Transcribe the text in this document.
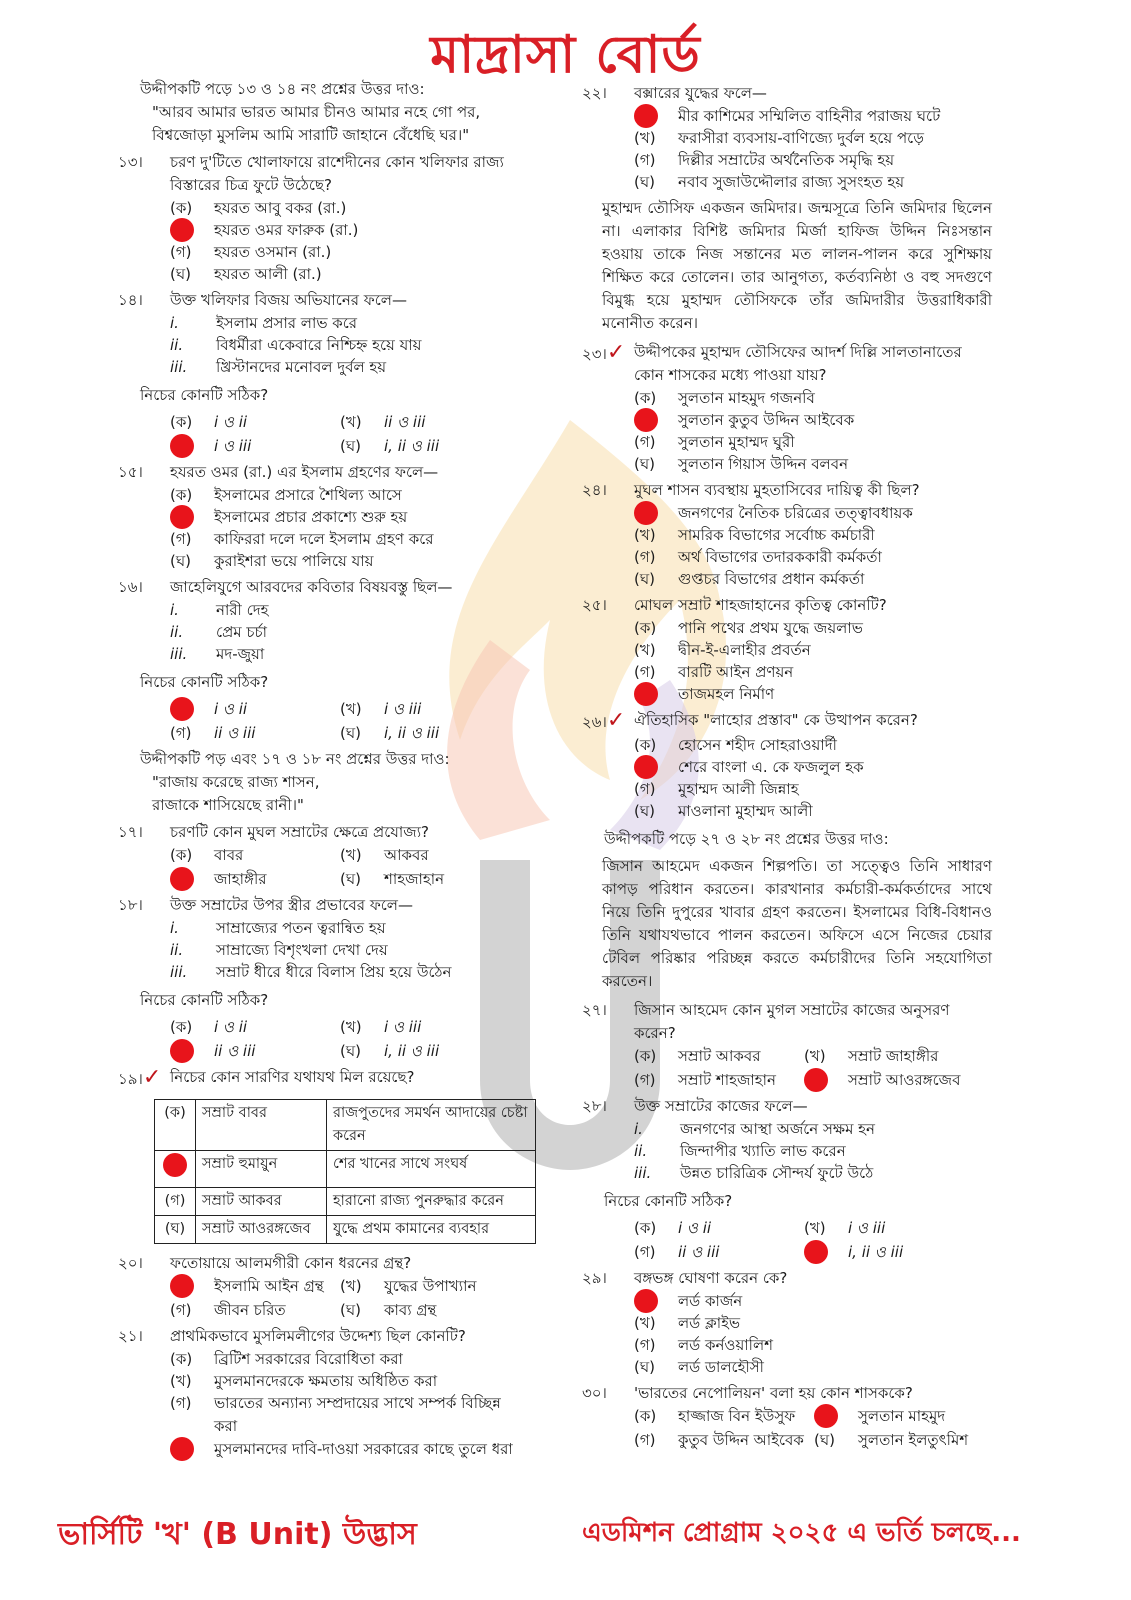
মাদ্রাসা বোর্ড
উদ্দীপকটি পড়ে ১৩ ও ১৪ নং প্রশ্নের উত্তর দাও:
"আরব আমার ভারত আমার চীনও আমার নহে গো পর,
বিশ্বজোড়া মুসলিম আমি সারাটি জাহানে বেঁধেছি ঘর।"
১৩।	চরণ দু'টিতে খোলাফায়ে রাশেদীনের কোন খলিফার রাজ্য বিস্তারের চিত্র ফুটে উঠেছে?
(ক)	হযরত আবু বকর (রা.)
হযরত ওমর ফারুক (রা.)
(গ)	হযরত ওসমান (রা.)
(ঘ)	হযরত আলী (রা.)
১৪।	উক্ত খলিফার বিজয় অভিযানের ফলে—
i.	ইসলাম প্রসার লাভ করে
ii.	বিধর্মীরা একেবারে নিশ্চিহ্ন হয়ে যায়
iii.	খ্রিস্টানদের মনোবল দুর্বল হয়
নিচের কোনটি সঠিক?
(ক)	i ও ii	(খ)	ii ও iii
i ও iii	(ঘ)	i, ii ও iii
১৫।	হযরত ওমর (রা.) এর ইসলাম গ্রহণের ফলে—
(ক)	ইসলামের প্রসারে শৈথিল্য আসে
ইসলামের প্রচার প্রকাশ্যে শুরু হয়
(গ)	কাফিররা দলে দলে ইসলাম গ্রহণ করে
(ঘ)	কুরাইশরা ভয়ে পালিয়ে যায়
১৬।	জাহেলিযুগে আরবদের কবিতার বিষয়বস্তু ছিল—
i.	নারী দেহ
ii.	প্রেম চর্চা
iii.	মদ-জুয়া
নিচের কোনটি সঠিক?
i ও ii	(খ)	i ও iii
(গ)	ii ও iii	(ঘ)	i, ii ও iii
উদ্দীপকটি পড় এবং ১৭ ও ১৮ নং প্রশ্নের উত্তর দাও:
"রাজায় করেছে রাজ্য শাসন,
রাজাকে শাসিয়েছে রানী।"
১৭।	চরণটি কোন মুঘল সম্রাটের ক্ষেত্রে প্রযোজ্য?
(ক)	বাবর	(খ)	আকবর
জাহাঙ্গীর	(ঘ)	শাহজাহান
১৮।	উক্ত সম্রাটের উপর স্ত্রীর প্রভাবের ফলে—
i.	সাম্রাজ্যের পতন ত্বরান্বিত হয়
ii.	সাম্রাজ্যে বিশৃংখলা দেখা দেয়
iii.	সম্রাট ধীরে ধীরে বিলাস প্রিয় হয়ে উঠেন
নিচের কোনটি সঠিক?
(ক)	i ও ii	(খ)	i ও iii
ii ও iii	(ঘ)	i, ii ও iii
১৯।✓ নিচের কোন সারণির যথাযথ মিল রয়েছে?
(ক)	সম্রাট বাবর	রাজপুতদের সমর্থন আদায়ের চেষ্টা করেন
	সম্রাট হুমায়ুন	শের খানের সাথে সংঘর্ষ
(গ)	সম্রাট আকবর	হারানো রাজ্য পুনরুদ্ধার করেন
(ঘ)	সম্রাট আওরঙ্গজেব	যুদ্ধে প্রথম কামানের ব্যবহার
২০।	ফতোয়ায়ে আলমগীরী কোন ধরনের গ্রন্থ?
ইসলামি আইন গ্রন্থ (খ)	যুদ্ধের উপাখ্যান
(গ)	জীবন চরিত	(ঘ)	কাব্য গ্রন্থ
২১।	প্রাথমিকভাবে মুসলিমলীগের উদ্দেশ্য ছিল কোনটি?
(ক)	ব্রিটিশ সরকারের বিরোধিতা করা
(খ)	মুসলমানদেরকে ক্ষমতায় অধিষ্ঠিত করা
(গ)	ভারতের অন্যান্য সম্প্রদায়ের সাথে সম্পর্ক বিচ্ছিন্ন করা
মুসলমানদের দাবি-দাওয়া সরকারের কাছে তুলে ধরা
২২।	বক্সারের যুদ্ধের ফলে—
মীর কাশিমের সম্মিলিত বাহিনীর পরাজয় ঘটে
(খ)	ফরাসীরা ব্যবসায়-বাণিজ্যে দুর্বল হয়ে পড়ে
(গ)	দিল্লীর সম্রাটের অর্থনৈতিক সমৃদ্ধি হয়
(ঘ)	নবাব সুজাউদ্দৌলার রাজ্য সুসংহত হয়
মুহাম্মদ তৌসিফ একজন জমিদার। জন্মসূত্রে তিনি জমিদার ছিলেন না। এলাকার বিশিষ্ট জমিদার মির্জা হাফিজ উদ্দিন নিঃসন্তান হওয়ায় তাকে নিজ সন্তানের মত লালন-পালন করে সুশিক্ষায় শিক্ষিত করে তোলেন। তার আনুগত্য, কর্তব্যনিষ্ঠা ও বহু সদগুণে বিমুগ্ধ হয়ে মুহাম্মদ তৌসিফকে তাঁর জমিদারীর উত্তরাধিকারী মনোনীত করেন।
২৩।✓ উদ্দীপকের মুহাম্মদ তৌসিফের আদর্শ দিল্লি সালতানাতের কোন শাসকের মধ্যে পাওয়া যায়?
(ক)	সুলতান মাহমুদ গজনবি
সুলতান কুতুব উদ্দিন আইবেক
(গ)	সুলতান মুহাম্মদ ঘুরী
(ঘ)	সুলতান গিয়াস উদ্দিন বলবন
২৪।	মুঘল শাসন ব্যবস্থায় মুহতাসিবের দায়িত্ব কী ছিল?
জনগণের নৈতিক চরিত্রের তত্ত্বাবধায়ক
(খ)	সামরিক বিভাগের সর্বোচ্চ কর্মচারী
(গ)	অর্থ বিভাগের তদারককারী কর্মকর্তা
(ঘ)	গুপ্তচর বিভাগের প্রধান কর্মকর্তা
২৫।	মোঘল সম্রাট শাহজাহানের কৃতিত্ব কোনটি?
(ক)	পানি পথের প্রথম যুদ্ধে জয়লাভ
(খ)	দ্বীন-ই-এলাহীর প্রবর্তন
(গ)	বারটি আইন প্রণয়ন
তাজমহল নির্মাণ
২৬।✓ ঐতিহাসিক "লাহোর প্রস্তাব" কে উত্থাপন করেন?
(ক)	হোসেন শহীদ সোহরাওয়ার্দী
শেরে বাংলা এ. কে ফজলুল হক
(গ)	মুহাম্মদ আলী জিন্নাহ
(ঘ)	মাওলানা মুহাম্মদ আলী
উদ্দীপকটি পড়ে ২৭ ও ২৮ নং প্রশ্নের উত্তর দাও:
জিসান আহমেদ একজন শিল্পপতি। তা সত্ত্বেও তিনি সাধারণ কাপড় পরিধান করতেন। কারখানার কর্মচারী-কর্মকর্তাদের সাথে নিয়ে তিনি দুপুরের খাবার গ্রহণ করতেন। ইসলামের বিধি-বিধানও তিনি যথাযথভাবে পালন করতেন। অফিসে এসে নিজের চেয়ার টেবিল পরিষ্কার পরিচ্ছন্ন করতে কর্মচারীদের তিনি সহযোগিতা করতেন।
২৭।	জিসান আহমেদ কোন মুগল সম্রাটের কাজের অনুসরণ করেন?
(ক)	সম্রাট আকবর	(খ)	সম্রাট জাহাঙ্গীর
(গ)	সম্রাট শাহজাহান	সম্রাট আওরঙ্গজেব
২৮।	উক্ত সম্রাটের কাজের ফলে—
i.	জনগণের আস্থা অর্জনে সক্ষম হন
ii.	জিন্দাপীর খ্যাতি লাভ করেন
iii.	উন্নত চারিত্রিক সৌন্দর্য ফুটে উঠে
নিচের কোনটি সঠিক?
(ক)	i ও ii	(খ)	i ও iii
(গ)	ii ও iii	i, ii ও iii
২৯।	বঙ্গভঙ্গ ঘোষণা করেন কে?
লর্ড কার্জন
(খ)	লর্ড ক্লাইভ
(গ)	লর্ড কর্নওয়ালিশ
(ঘ)	লর্ড ডালহৌসী
৩০।	'ভারতের নেপোলিয়ন' বলা হয় কোন শাসককে?
(ক)	হাজ্জাজ বিন ইউসুফ	সুলতান মাহমুদ
(গ)	কুতুব উদ্দিন আইবেক (ঘ)	সুলতান ইলতুৎমিশ
ভার্সিটি 'খ' (B Unit) উদ্ভাস	এডমিশন প্রোগ্রাম ২০২৫ এ ভর্তি চলছে...
